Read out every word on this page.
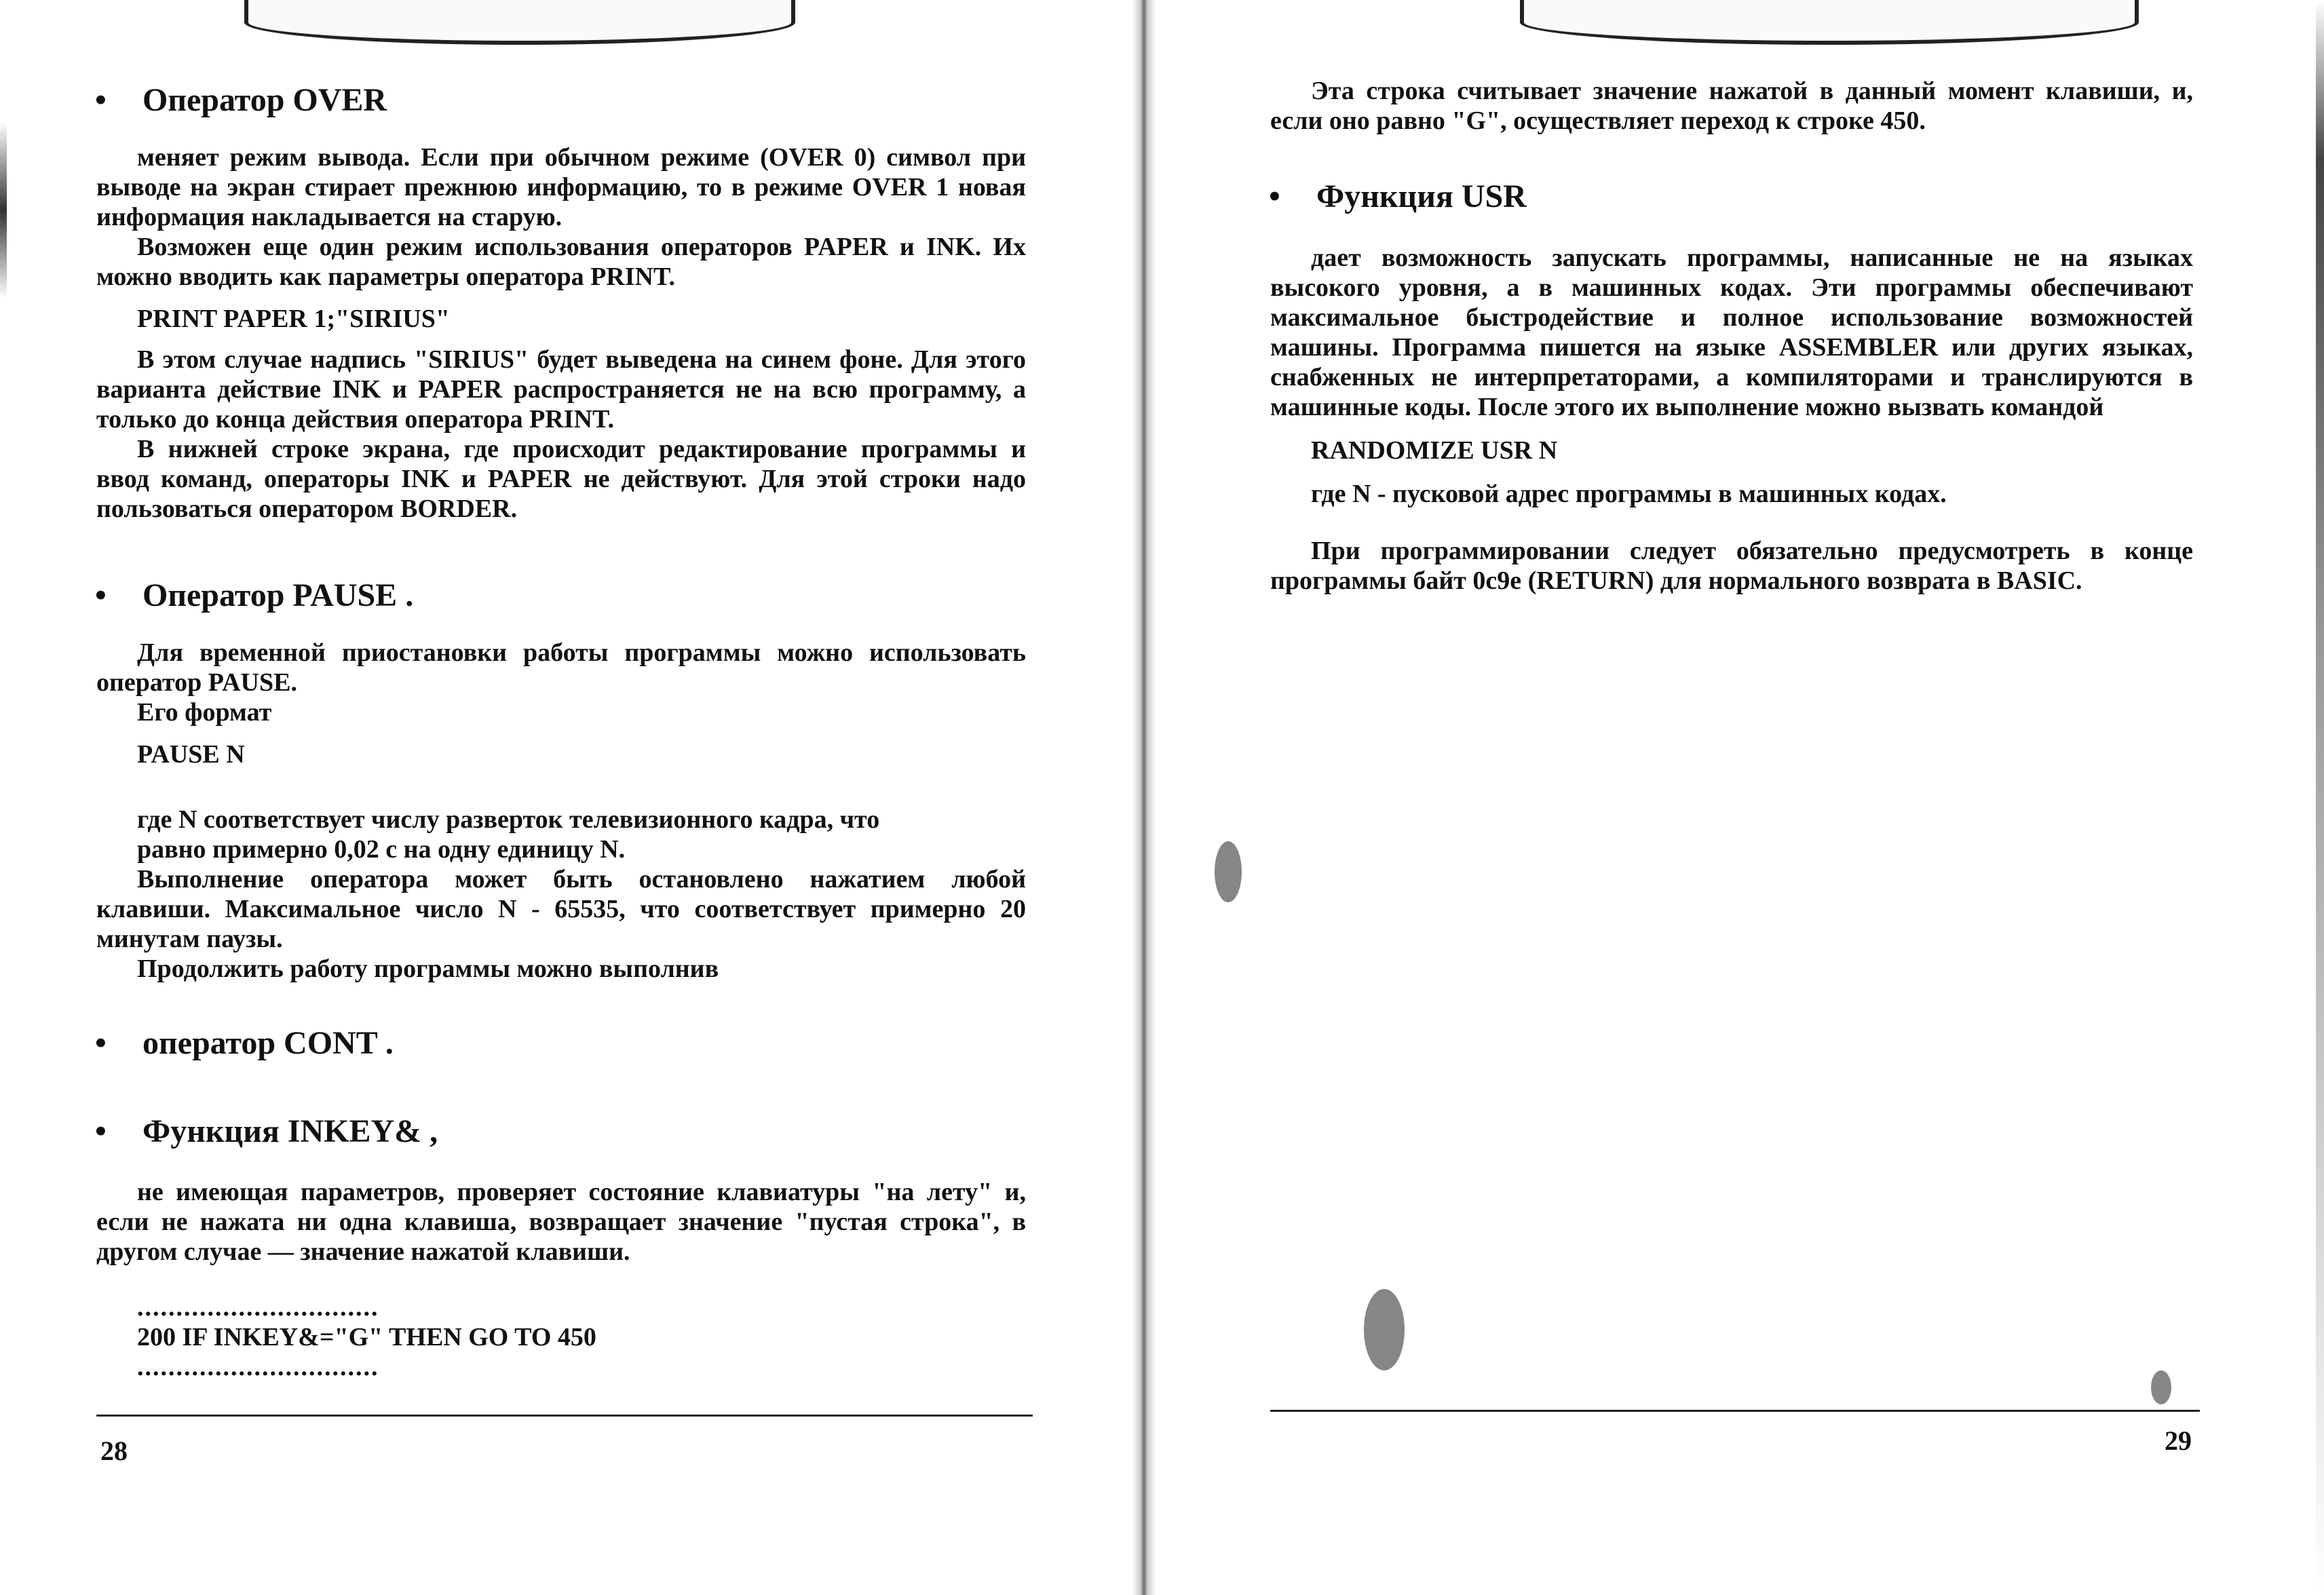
• Оператор OVER

меняет режим вывода. Если при обычном режиме (OVER 0) символ при выводе на экран стирает прежнюю информацию, то в режиме OVER 1 новая информация накладывается на старую.

Возможен еще один режим использования операторов PAPER и INK. Их можно вводить как параметры оператора PRINT.

PRINT PAPER 1;"SIRIUS"

В этом случае надпись "SIRIUS" будет выведена на синем фоне. Для этого варианта действие INK и PAPER распространяется не на всю программу, а только до конца действия оператора PRINT.

В нижней строке экрана, где происходит редактирование программы и ввод команд, операторы INK и PAPER не действуют. Для этой строки надо пользоваться оператором BORDER.

• Оператор PAUSE .

Для временной приостановки работы программы можно использовать оператор PAUSE.

Его формат

PAUSE N

где N соответствует числу разверток телевизионного кадра, что

равно примерно 0,02 с на одну единицу N.

Выполнение оператора может быть остановлено нажатием любой клавиши. Максимальное число N - 65535, что соответствует примерно 20 минутам паузы.

Продолжить работу программы можно выполнив

• оператор CONT .
• Функция INKEY& ,

не имеющая параметров, проверяет состояние клавиатуры "на лету" и, если не нажата ни одна клавиша, возвращает значение "пустая строка", в другом случае — значение нажатой клавиши.

...............................

200 IF INKEY&="G" THEN GO TO 450

...............................

28

Эта строка считывает значение нажатой в данный момент клавиши, и, если оно равно "G", осуществляет переход к строке 450.

• Функция USR

дает возможность запускать программы, написанные не на языках высокого уровня, а в машинных кодах. Эти программы обеспечивают максимальное быстродействие и полное использование возможностей машины. Программа пишется на языке ASSEMBLER или других языках, снабженных не интерпретаторами, а компиляторами и транслируются в машинные коды. После этого их выполнение можно вызвать командой

RANDOMIZE USR N

где N - пусковой адрес программы в машинных кодах.

При программировании следует обязательно предусмотреть в конце программы байт 0с9е (RETURN) для нормального возврата в BASIC.

29
